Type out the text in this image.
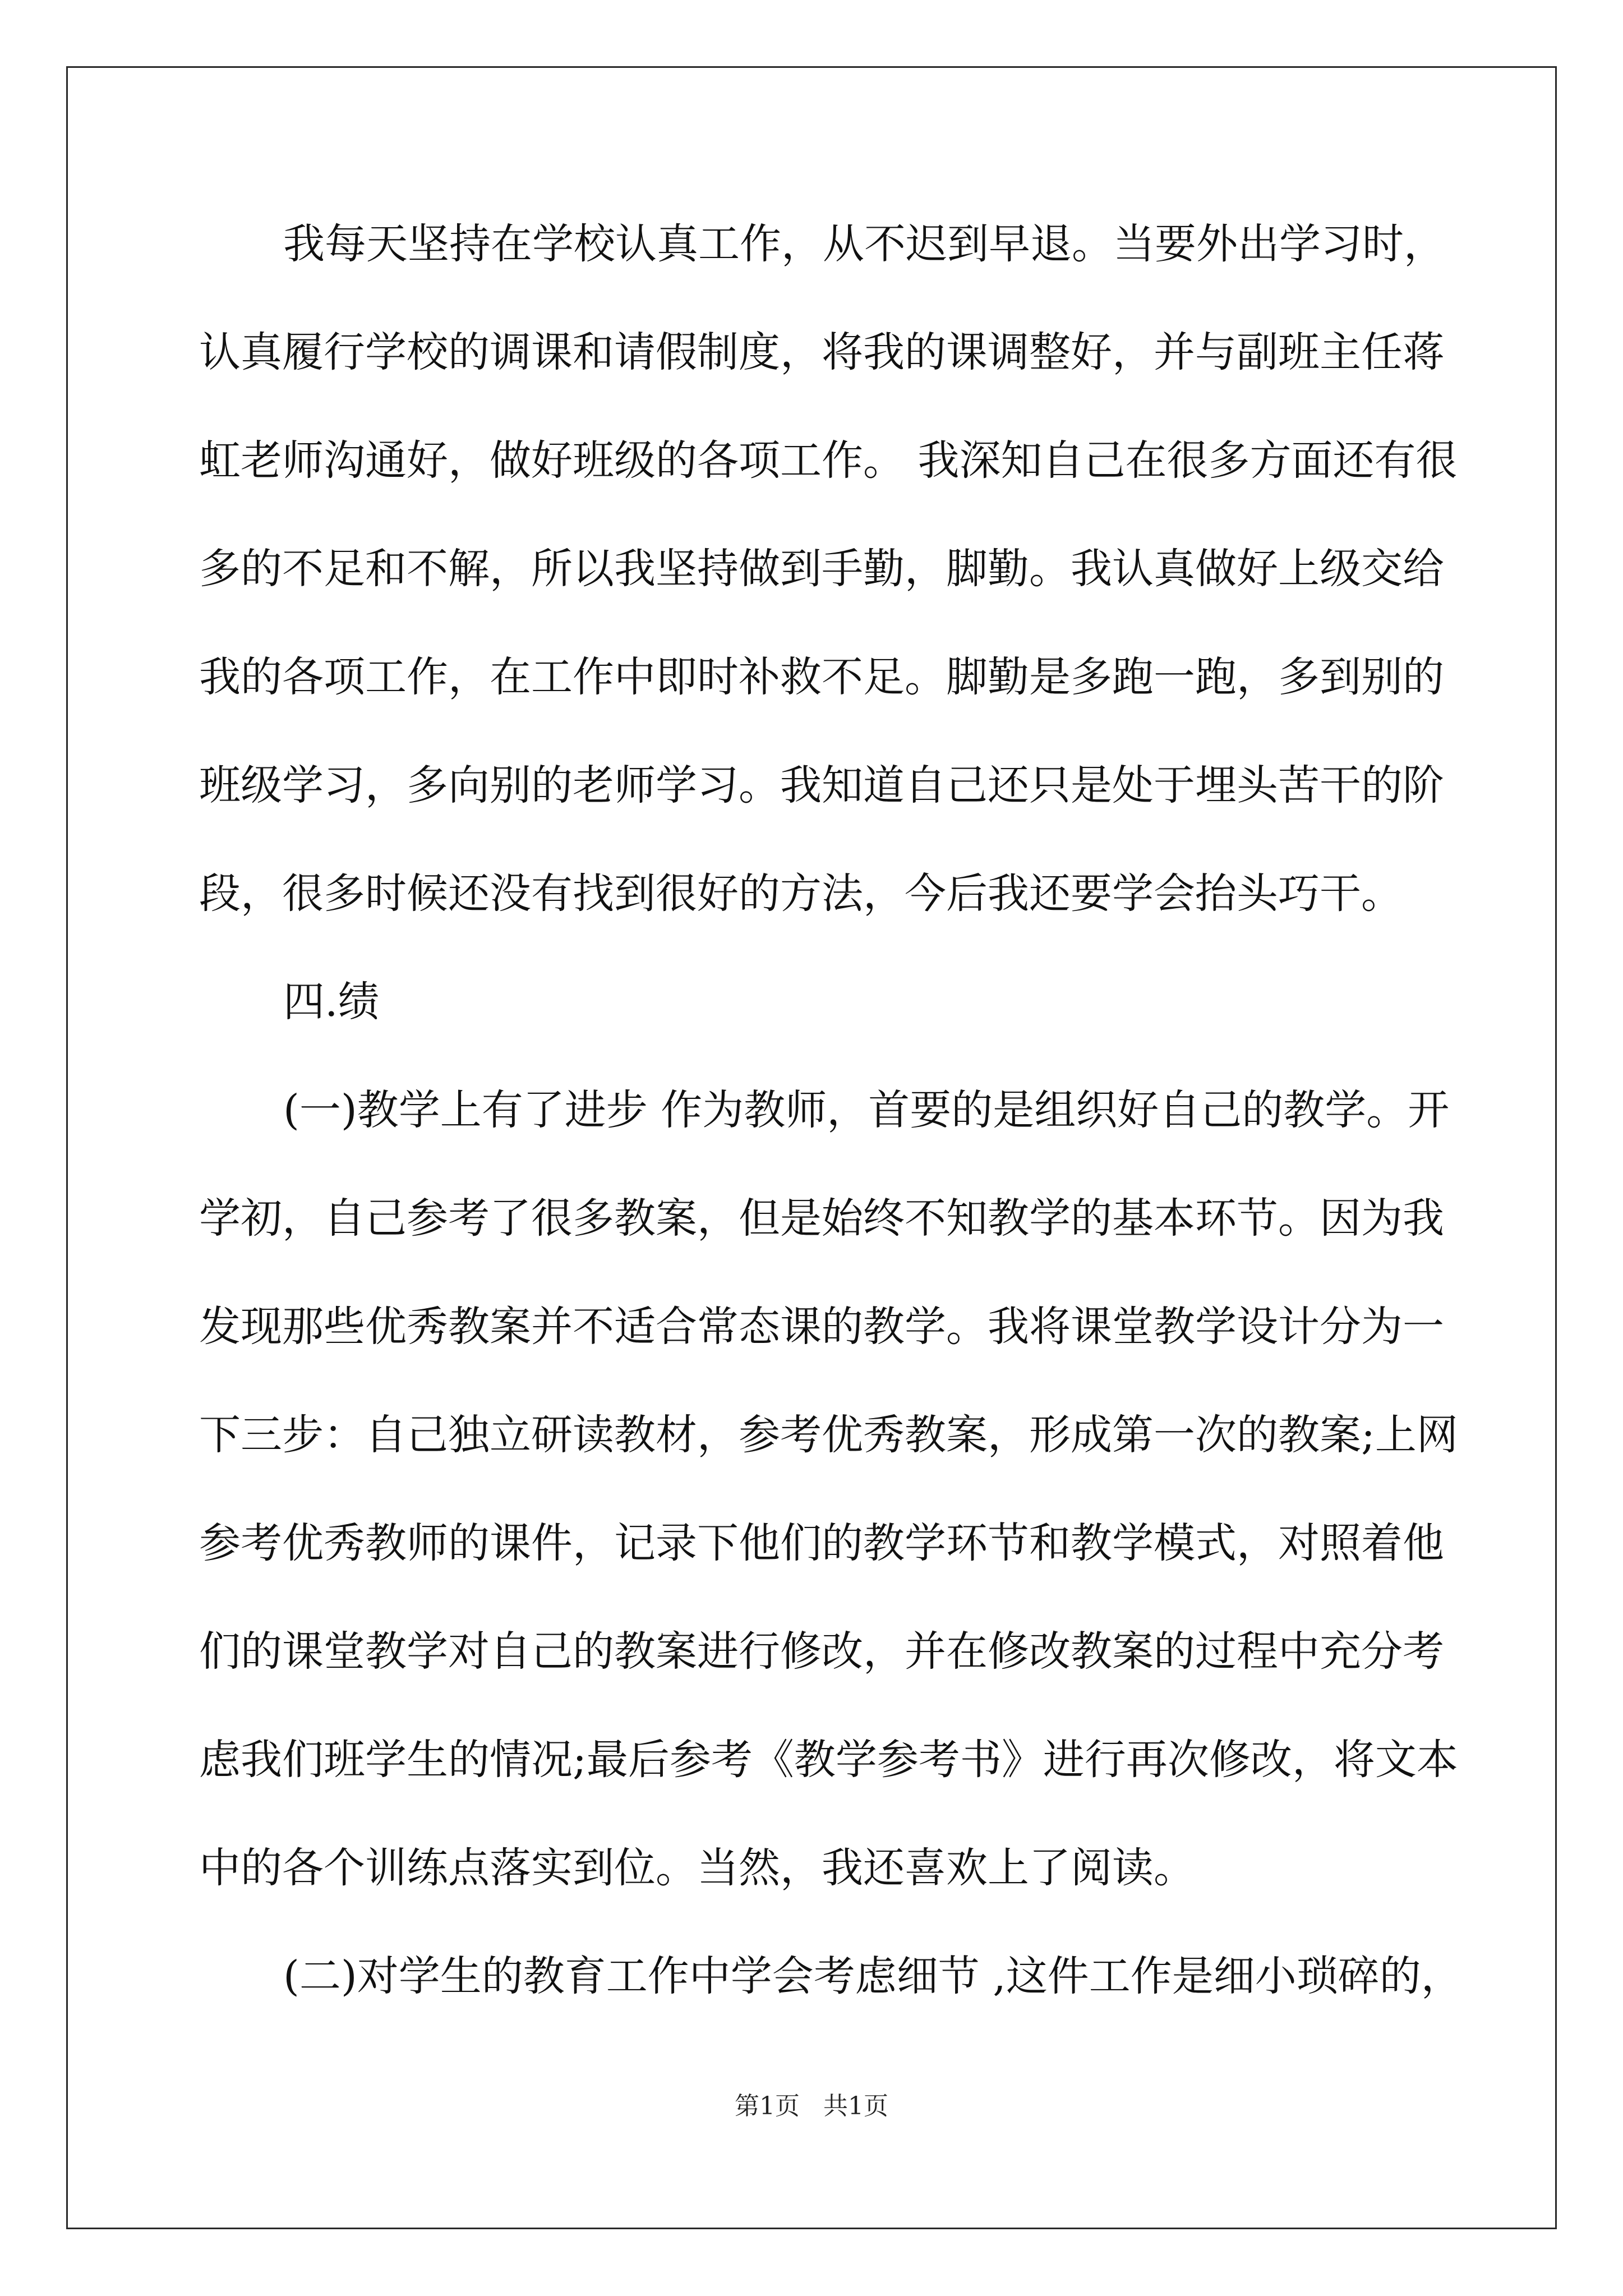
我每天坚持在学校认真工作，从不迟到早退。当要外出学习时，
认真履行学校的调课和请假制度，将我的课调整好，并与副班主任蒋
虹老师沟通好，做好班级的各项工作。 我深知自己在很多方面还有很
多的不足和不解，所以我坚持做到手勤，脚勤。我认真做好上级交给
我的各项工作，在工作中即时补救不足。脚勤是多跑一跑，多到别的
班级学习，多向别的老师学习。我知道自己还只是处于埋头苦干的阶
段，很多时候还没有找到很好的方法，今后我还要学会抬头巧干。
四.绩
(一)教学上有了进步 作为教师，首要的是组织好自己的教学。开
学初，自己参考了很多教案，但是始终不知教学的基本环节。因为我
发现那些优秀教案并不适合常态课的教学。我将课堂教学设计分为一
下三步：自己独立研读教材，参考优秀教案，形成第一次的教案;上网
参考优秀教师的课件，记录下他们的教学环节和教学模式，对照着他
们的课堂教学对自己的教案进行修改，并在修改教案的过程中充分考
虑我们班学生的情况;最后参考《教学参考书》进行再次修改，将文本
中的各个训练点落实到位。当然，我还喜欢上了阅读。
(二)对学生的教育工作中学会考虑细节 ,这件工作是细小琐碎的，
第1页 共1页
